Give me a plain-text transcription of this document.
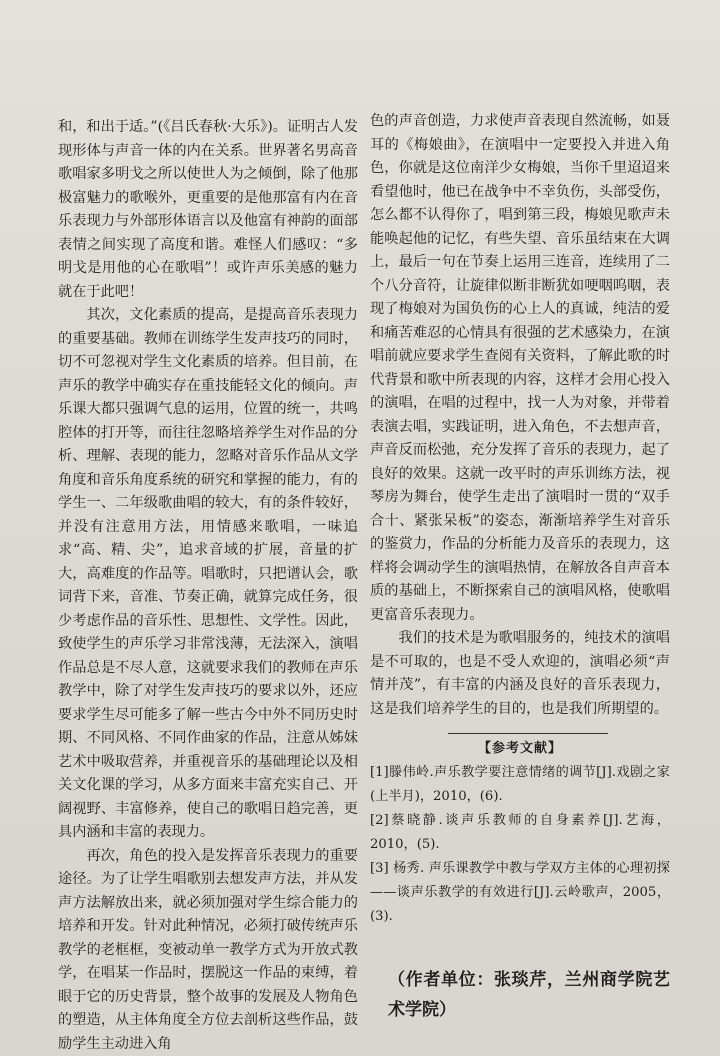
和，和出于适。”(《吕氏春秋·大乐》)。证明古人发现形体与声音一体的内在关系。世界著名男高音歌唱家多明戈之所以使世人为之倾倒，除了他那极富魅力的歌喉外，更重要的是他那富有内在音乐表现力与外部形体语言以及他富有神韵的面部表情之间实现了高度和谐。难怪人们感叹：“多明戈是用他的心在歌唱”！或许声乐美感的魅力就在于此吧！

其次，文化素质的提高，是提高音乐表现力的重要基础。教师在训练学生发声技巧的同时，切不可忽视对学生文化素质的培养。但目前，在声乐的教学中确实存在重技能轻文化的倾向。声乐课大都只强调气息的运用，位置的统一，共鸣腔体的打开等，而往往忽略培养学生对作品的分析、理解、表现的能力，忽略对音乐作品从文学角度和音乐角度系统的研究和掌握的能力，有的学生一、二年级歌曲唱的较大，有的条件较好，并没有注意用方法，用情感来歌唱，一味追求“高、精、尖”，追求音域的扩展，音量的扩大，高难度的作品等。唱歌时，只把谱认会，歌词背下来，音准、节奏正确，就算完成任务，很少考虑作品的音乐性、思想性、文学性。因此，致使学生的声乐学习非常浅薄，无法深入，演唱作品总是不尽人意，这就要求我们的教师在声乐教学中，除了对学生发声技巧的要求以外，还应要求学生尽可能多了解一些古今中外不同历史时期、不同风格、不同作曲家的作品，注意从姊妹艺术中吸取营养，并重视音乐的基础理论以及相关文化课的学习，从多方面来丰富充实自己、开阔视野、丰富修养，使自己的歌唱日趋完善，更具内涵和丰富的表现力。

再次，角色的投入是发挥音乐表现力的重要途径。为了让学生唱歌别去想发声方法，并从发声方法解放出来，就必须加强对学生综合能力的培养和开发。针对此种情况，必须打破传统声乐教学的老框框，变被动单一教学方式为开放式教学，在唱某一作品时，摆脱这一作品的束缚，着眼于它的历史背景，整个故事的发展及人物角色的塑造，从主体角度全方位去剖析这些作品，鼓励学生主动进入角

色的声音创造，力求使声音表现自然流畅，如聂耳的《梅娘曲》，在演唱中一定要投入并进入角色，你就是这位南洋少女梅娘，当你千里迢迢来看望他时，他已在战争中不幸负伤，头部受伤，怎么都不认得你了，唱到第三段，梅娘见歌声未能唤起他的记忆，有些失望、音乐虽结束在大调上，最后一句在节奏上运用三连音，连续用了二个八分音符，让旋律似断非断犹如哽咽呜咽，表现了梅娘对为国负伤的心上人的真诚，纯洁的爱和痛苦难忍的心情具有很强的艺术感染力，在演唱前就应要求学生查阅有关资料，了解此歌的时代背景和歌中所表现的内容，这样才会用心投入的演唱，在唱的过程中，找一人为对象，并带着表演去唱，实践证明，进入角色，不去想声音，声音反而松弛，充分发挥了音乐的表现力，起了良好的效果。这就一改平时的声乐训练方法，视琴房为舞台，使学生走出了演唱时一贯的“双手合十、紧张呆板”的姿态，渐渐培养学生对音乐的鉴赏力，作品的分析能力及音乐的表现力，这样将会调动学生的演唱热情，在解放各自声音本质的基础上，不断探索自己的演唱风格，使歌唱更富音乐表现力。

我们的技术是为歌唱服务的，纯技术的演唱是不可取的，也是不受人欢迎的，演唱必须“声情并茂”，有丰富的内涵及良好的音乐表现力，这是我们培养学生的目的，也是我们所期望的。

【参考文献】

[1]滕伟岭.声乐教学要注意情绪的调节[J].戏剧之家(上半月)，2010，(6).

[2]蔡晓静.谈声乐教师的自身素养[J].艺海，2010，(5).

[3] 杨秀. 声乐课教学中教与学双方主体的心理初探——谈声乐教学的有效进行[J].云岭歌声，2005，(3).

（作者单位：张琰芹，兰州商学院艺术学院）
